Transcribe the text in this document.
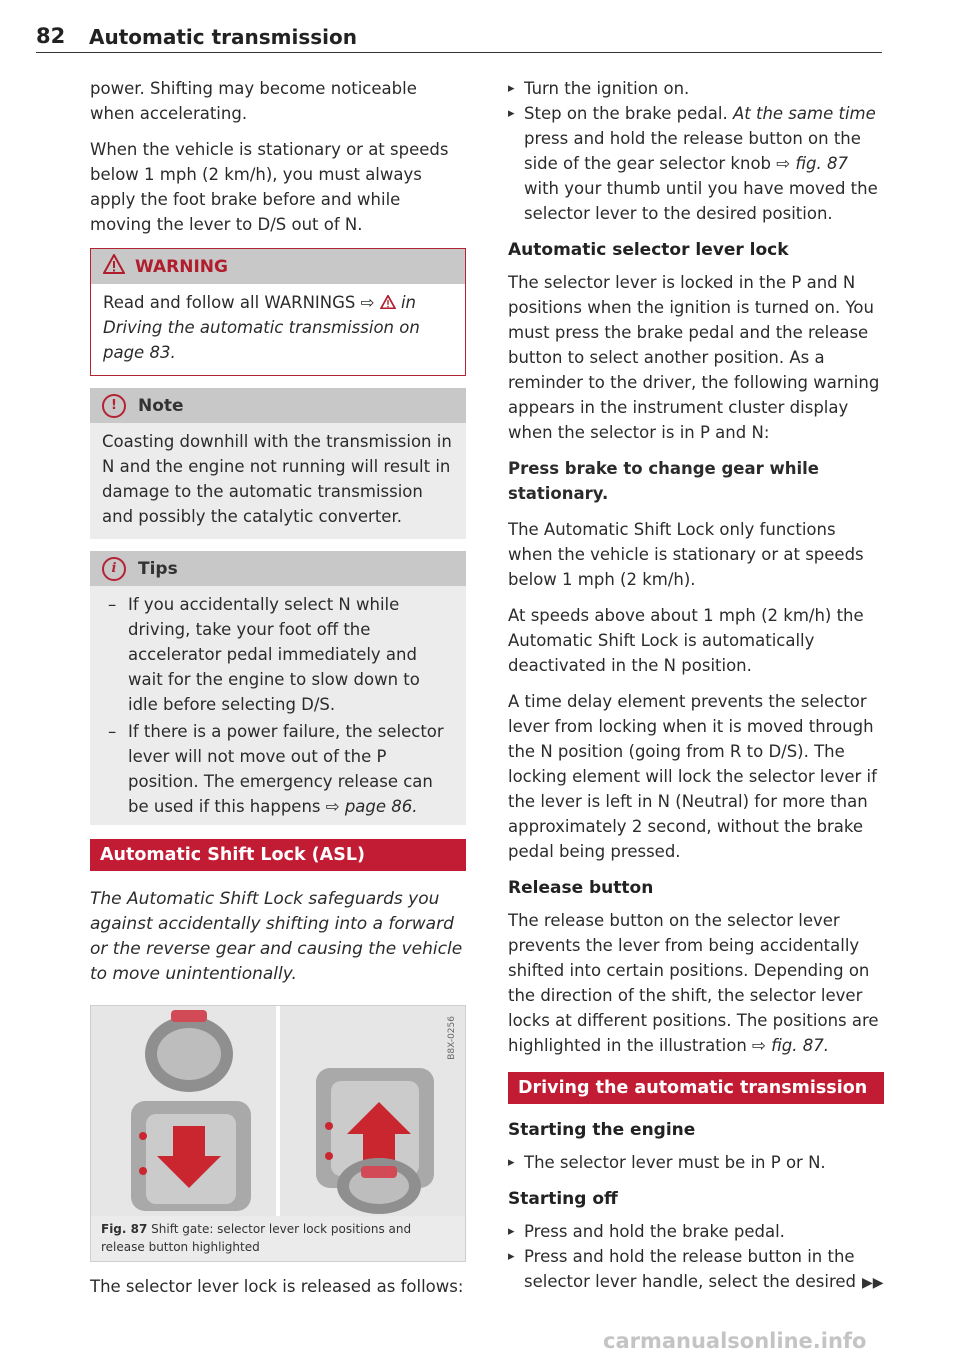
82 Automatic transmission

power. Shifting may become noticeable when accelerating.

When the vehicle is stationary or at speeds below 1 mph (2 km/h), you must always apply the foot brake before and while moving the lever to D/S out of N.

WARNING

Read and follow all WARNINGS ⇨ in Driving the automatic transmission on page 83.

!	Note

Coasting downhill with the transmission in N and the engine not running will result in damage to the automatic transmission and possibly the catalytic converter.

i	Tips
– If you accidentally select N while driving, take your foot off the accelerator pedal immediately and wait for the engine to slow down to idle before selecting D/S.
– If there is a power failure, the selector lever will not move out of the P position. The emergency release can be used if this happens ⇨ page 86.
Automatic Shift Lock (ASL)
The Automatic Shift Lock safeguards you against accidentally shifting into a forward or the reverse gear and causing the vehicle to move unintentionally.
B8X-0256
Fig. 87 Shift gate: selector lever lock positions and release button highlighted

The selector lever lock is released as follows:

▸ Turn the ignition on.
▸ Step on the brake pedal. At the same time press and hold the release button on the side of the gear selector knob ⇨ fig. 87 with your thumb until you have moved the selector lever to the desired position.
Automatic selector lever lock

The selector lever is locked in the P and N positions when the ignition is turned on. You must press the brake pedal and the release button to select another position. As a reminder to the driver, the following warning appears in the instrument cluster display when the selector is in P and N:

Press brake to change gear while stationary.

The Automatic Shift Lock only functions when the vehicle is stationary or at speeds below 1 mph (2 km/h).

At speeds above about 1 mph (2 km/h) the Automatic Shift Lock is automatically deactivated in the N position.

A time delay element prevents the selector lever from locking when it is moved through the N position (going from R to D/S). The locking element will lock the selector lever if the lever is left in N (Neutral) for more than approximately 2 second, without the brake pedal being pressed.

Release button

The release button on the selector lever prevents the lever from being accidentally shifted into certain positions. Depending on the direction of the shift, the selector lever locks at different positions. The positions are highlighted in the illustration ⇨ fig. 87.

Driving the automatic transmission
Starting the engine
▸ The selector lever must be in P or N.
Starting off
▸ Press and hold the brake pedal.
▸ Press and hold the release button in the selector lever handle, select the desired ▶▶
carmanualsonline.info
